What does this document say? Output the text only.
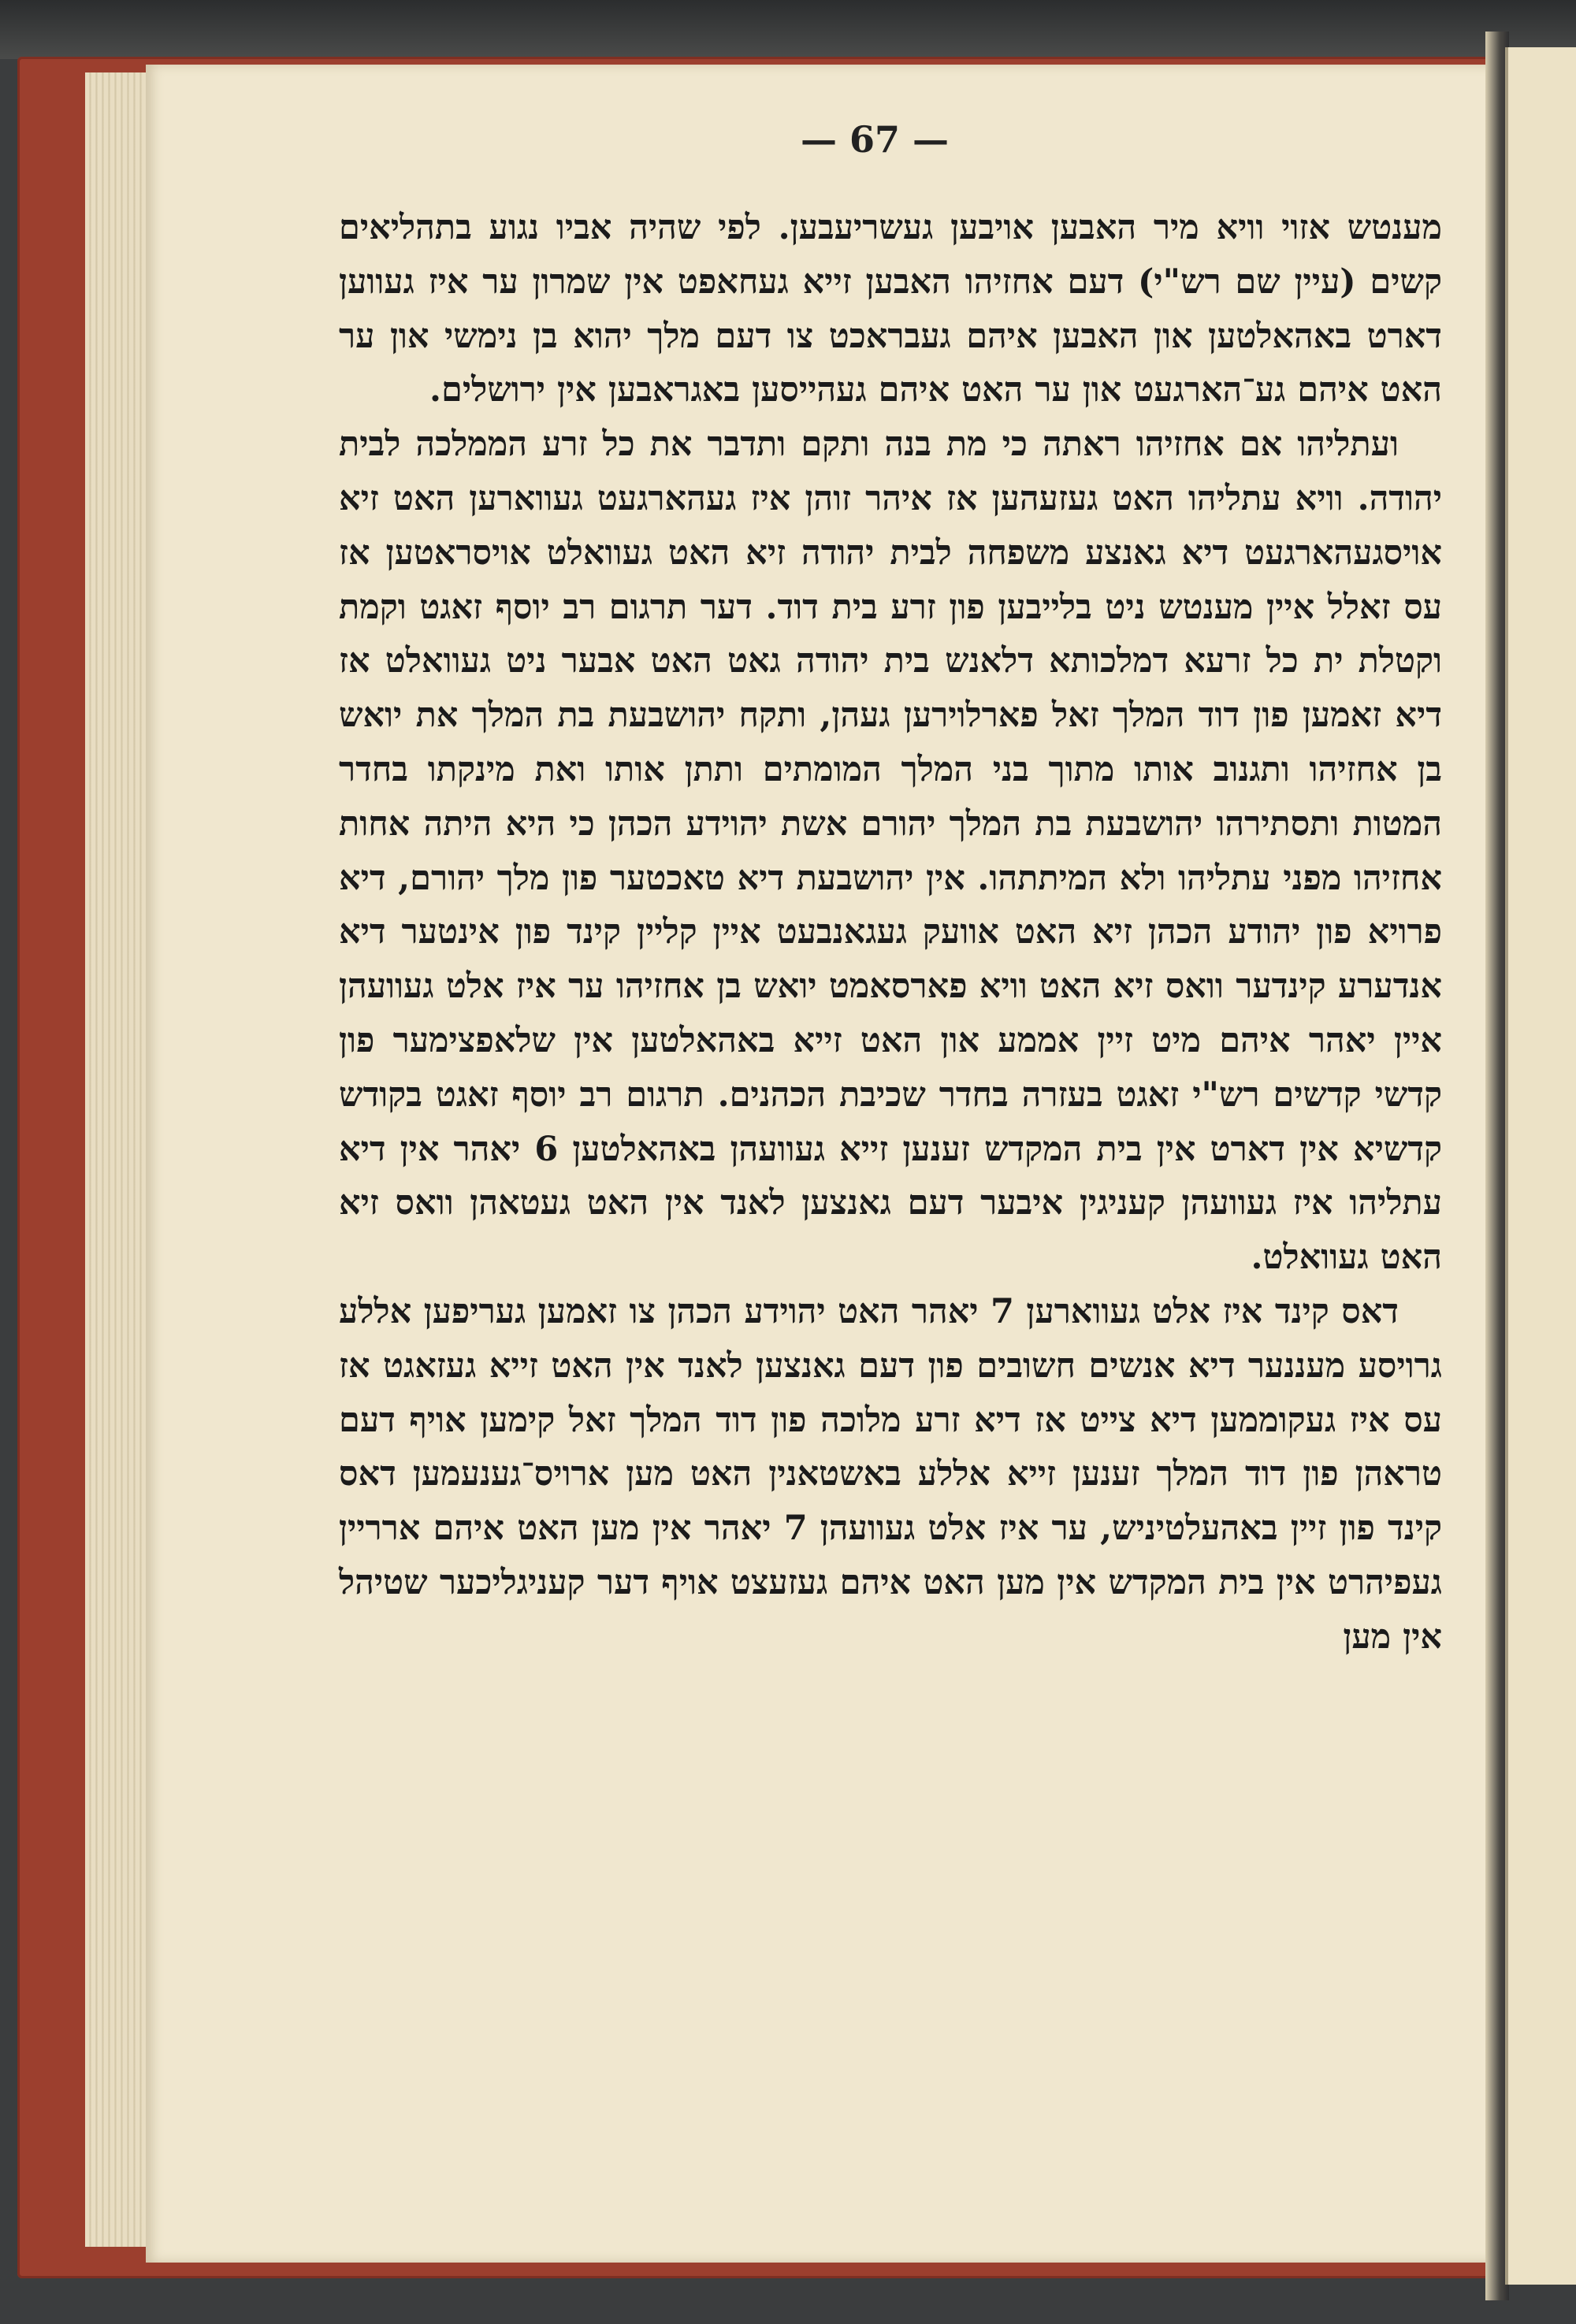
— 67 —

מענטש אזוי וויא מיר האבען אויבען געשריעבען. לפי שהיה אביו נגוע בתהליאים קשים (עיין שם רש"י) דעם אחזיהו האבען זייא געחאפט אין שמרון ער איז געווען דארט באהאלטען און האבען איהם געבראכט צו דעם מלך יהוא בן נימשי און ער האט איהם גע־הארגעט און ער האט איהם געהייסען באגראבען אין ירושלים.

ועתליהו אם אחזיהו ראתה כי מת בנה ותקם ותדבר את כל זרע הממלכה לבית יהודה. וויא עתליהו האט געזעהען אז איהר זוהן איז געהארגעט געווארען האט זיא אויסגעהארגעט דיא גאנצע משפחה לבית יהודה זיא האט געוואלט אויסראטען אז עס זאלל איין מענטש ניט בלייבען פון זרע בית דוד. דער תרגום רב יוסף זאגט וקמת וקטלת ית כל זרעא דמלכותא דלאנש בית יהודה גאט האט אבער ניט געוואלט אז דיא זאמען פון דוד המלך זאל פארלוירען געהן, ותקח יהושבעת בת המלך את יואש בן אחזיהו ותגנוב אותו מתוך בני המלך המומתים ותתן אותו ואת מינקתו בחדר המטות ותסתירהו יהושבעת בת המלך יהורם אשת יהוידע הכהן כי היא היתה אחות אחזיהו מפני עתליהו ולא המיתתהו. אין יהושבעת דיא טאכטער פון מלך יהורם, דיא פרויא פון יהודע הכהן זיא האט אוועק געגאנבעט איין קליין קינד פון אינטער דיא אנדערע קינדער וואס זיא האט וויא פארסאמט יואש בן אחזיהו ער איז אלט געוועהן איין יאהר איהם מיט זיין אממע און האט זייא באהאלטען אין שלאפצימער פון קדשי קדשים רש"י זאגט בעזרה בחדר שכיבת הכהנים. תרגום רב יוסף זאגט בקודש קדשיא אין דארט אין בית המקדש זענען זייא געוועהן באהאלטען 6 יאהר אין דיא עתליהו איז געוועהן קעניגין איבער דעם גאנצען לאנד אין האט געטאהן וואס זיא האט געוואלט.

דאס קינד איז אלט געווארען 7 יאהר האט יהוידע הכהן צו זאמען געריפען אללע גרויסע מעננער דיא אנשים חשובים פון דעם גאנצען לאנד אין האט זייא געזאגט אז עס איז געקוממען דיא צייט אז דיא זרע מלוכה פון דוד המלך זאל קימען אויף דעם טראהן פון דוד המלך זענען זייא אללע באשטאנין האט מען ארויס־גענעמען דאס קינד פון זיין באהעלטיניש, ער איז אלט געוועהן 7 יאהר אין מען האט איהם ארריין געפיהרט אין בית המקדש אין מען האט איהם געזעצט אויף דער קעניגליכער שטיהל אין מען
